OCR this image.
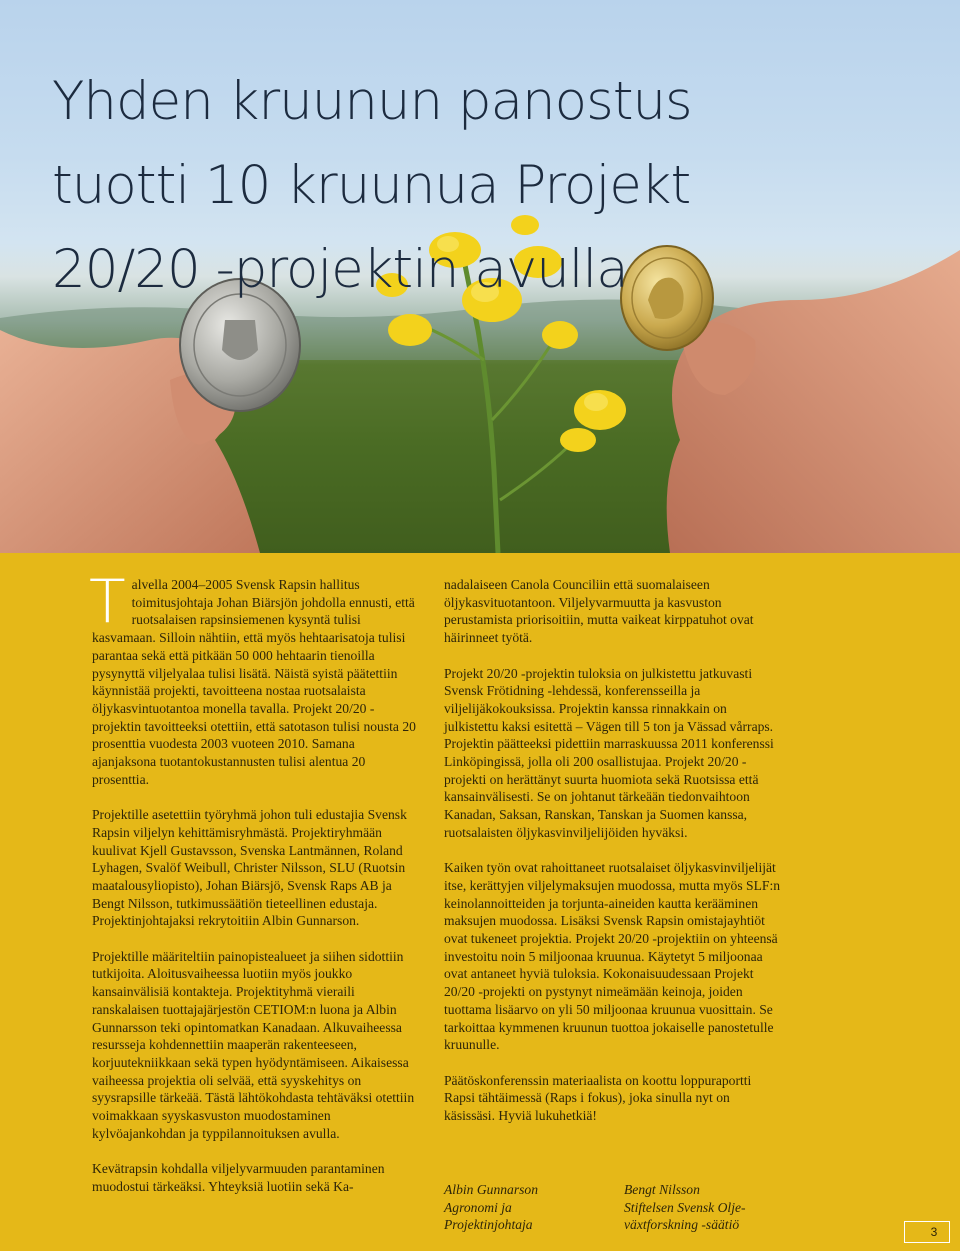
Yhden kruunun panostus
tuotti 10 kruunua Projekt
20/20 -projektin avulla

Talvella 2004–2005 Svensk Rapsin hallitus toimitusjohtaja Johan Biärsjön johdolla ennusti, että ruotsalaisen rapsinsiemenen kysyntä tulisi kasvamaan. Silloin nähtiin, että myös hehtaarisatoja tulisi parantaa sekä että pitkään 50 000 hehtaarin tienoilla pysynyttä viljelyalaa tulisi lisätä. Näistä syistä päätettiin käynnistää projekti, tavoitteena nostaa ruotsalaista öljykasvintuotantoa monella tavalla. Projekt 20/20 -projektin tavoitteeksi otettiin, että satotason tulisi nousta 20 prosenttia vuodesta 2003 vuoteen 2010. Samana ajanjaksona tuotantokustannusten tulisi alentua 20 prosenttia.

Projektille asetettiin työryhmä johon tuli edustajia Svensk Rapsin viljelyn kehittämisryhmästä. Projektiryhmään kuulivat Kjell Gustavsson, Svenska Lantmännen, Roland Lyhagen, Svalöf Weibull, Christer Nilsson, SLU (Ruotsin maatalousyliopisto), Johan Biärsjö, Svensk Raps AB ja Bengt Nilsson, tutkimussäätiön tieteellinen edustaja. Projektinjohtajaksi rekrytoitiin Albin Gunnarson.

Projektille määriteltiin painopistealueet ja siihen sidottiin tutkijoita. Aloitusvaiheessa luotiin myös joukko kansainvälisiä kontakteja. Projektityhmä vieraili ranskalaisen tuottajajärjestön CETIOM:n luona ja Albin Gunnarsson teki opintomatkan Kanadaan. Alkuvaiheessa resursseja kohdennettiin maaperän rakenteeseen, korjuutekniikkaan sekä typen hyödyntämiseen. Aikaisessa vaiheessa projektia oli selvää, että syyskehitys on syysrapsille tärkeää. Tästä lähtökohdasta tehtäväksi otettiin voimakkaan syyskasvuston muodostaminen kylvöajankohdan ja typpilannoituksen avulla.

Kevätrapsin kohdalla viljelyvarmuuden parantaminen muodostui tärkeäksi. Yhteyksiä luotiin sekä Ka-

nadalaiseen Canola Counciliin että suomalaiseen öljykasvituotantoon. Viljelyvarmuutta ja kasvuston perustamista priorisoitiin, mutta vaikeat kirppatuhot ovat häirinneet työtä.

Projekt 20/20 -projektin tuloksia on julkistettu jatkuvasti Svensk Frötidning -lehdessä, konferensseilla ja viljelijäkokouksissa. Projektin kanssa rinnakkain on julkistettu kaksi esitettä – Vägen till 5 ton ja Vässad vårraps. Projektin päätteeksi pidettiin marraskuussa 2011 konferenssi Linköpingissä, jolla oli 200 osallistujaa. Projekt 20/20 -projekti on herättänyt suurta huomiota sekä Ruotsissa että kansainvälisesti. Se on johtanut tärkeään tiedonvaihtoon Kanadan, Saksan, Ranskan, Tanskan ja Suomen kanssa, ruotsalaisten öljykasvinviljelijöiden hyväksi.

Kaiken työn ovat rahoittaneet ruotsalaiset öljykasvinviljelijät itse, kerättyjen viljelymaksujen muodossa, mutta myös SLF:n keinolannoitteiden ja torjunta-aineiden kautta kerääminen maksujen muodossa. Lisäksi Svensk Rapsin omistajayhtiöt ovat tukeneet projektia. Projekt 20/20 -projektiin on yhteensä investoitu noin 5 miljoonaa kruunua. Käytetyt 5 miljoonaa ovat antaneet hyviä tuloksia. Kokonaisuudessaan Projekt 20/20 -projekti on pystynyt nimeämään keinoja, joiden tuottama lisäarvo on yli 50 miljoonaa kruunua vuosittain. Se tarkoittaa kymmenen kruunun tuottoa jokaiselle panostetulle kruunulle.

Päätöskonferenssin materiaalista on koottu loppuraportti Rapsi tähtäimessä (Raps i fokus), joka sinulla nyt on käsissäsi. Hyviä lukuhetkiä!

Albin Gunnarson
Agronomi ja
Projektinjohtaja
Bengt Nilsson
Stiftelsen Svensk Olje-
växtforskning -säätiö	3
